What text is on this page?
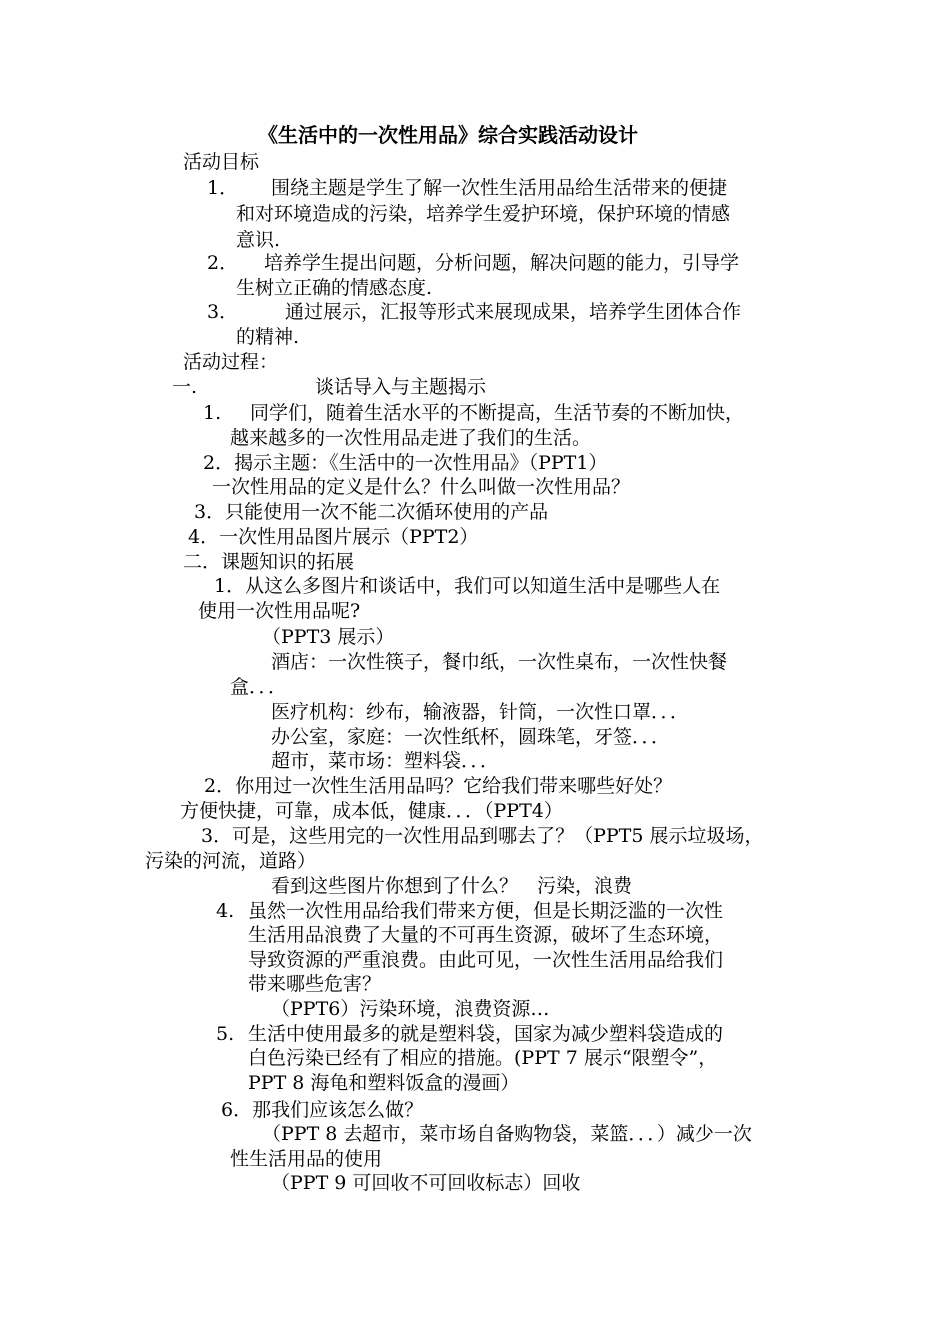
《生活中的一次性用品》综合实践活动设计
活动目标
1． 围绕主题是学生了解一次性生活用品给生活带来的便捷
和对环境造成的污染，培养学生爱护环境，保护环境的情感
意识.
2． 培养学生提出问题，分析问题，解决问题的能力，引导学
生树立正确的情感态度.
3． 通过展示，汇报等形式来展现成果，培养学生团体合作
的精神.
活动过程：
一.	谈话导入与主题揭示
1. 同学们，随着生活水平的不断提高，生活节奏的不断加快，
越来越多的一次性用品走进了我们的生活。
2．揭示主题：《生活中的一次性用品》（PPT1）
一次性用品的定义是什么？什么叫做一次性用品？
3．只能使用一次不能二次循环使用的产品
4．一次性用品图片展示（PPT2）
二．课题知识的拓展
1．从这么多图片和谈话中，我们可以知道生活中是哪些人在
使用一次性用品呢?
（PPT3 展示）
酒店：一次性筷子，餐巾纸，一次性桌布，一次性快餐
盒．．．
医疗机构：纱布，输液器，针筒，一次性口罩．．．
办公室，家庭：一次性纸杯，圆珠笔，牙签．．．
超市，菜市场：塑料袋．．．
2．你用过一次性生活用品吗？它给我们带来哪些好处？
方便快捷，可靠，成本低，健康．．．（PPT4）
3．可是，这些用完的一次性用品到哪去了？（PPT5 展示垃圾场，
污染的河流，道路）
看到这些图片你想到了什么？　污染，浪费
4. 虽然一次性用品给我们带来方便，但是长期泛滥的一次性
生活用品浪费了大量的不可再生资源，破坏了生态环境，
导致资源的严重浪费。由此可见，一次性生活用品给我们
带来哪些危害？
（PPT6）污染环境，浪费资源…
5. 生活中使用最多的就是塑料袋，国家为减少塑料袋造成的
白色污染已经有了相应的措施。(PPT 7 展示“限塑令”，
PPT 8 海龟和塑料饭盒的漫画）
6．那我们应该怎么做？
（PPT 8 去超市，菜市场自备购物袋，菜篮．．．）减少一次
性生活用品的使用
（PPT 9 可回收不可回收标志）回收
